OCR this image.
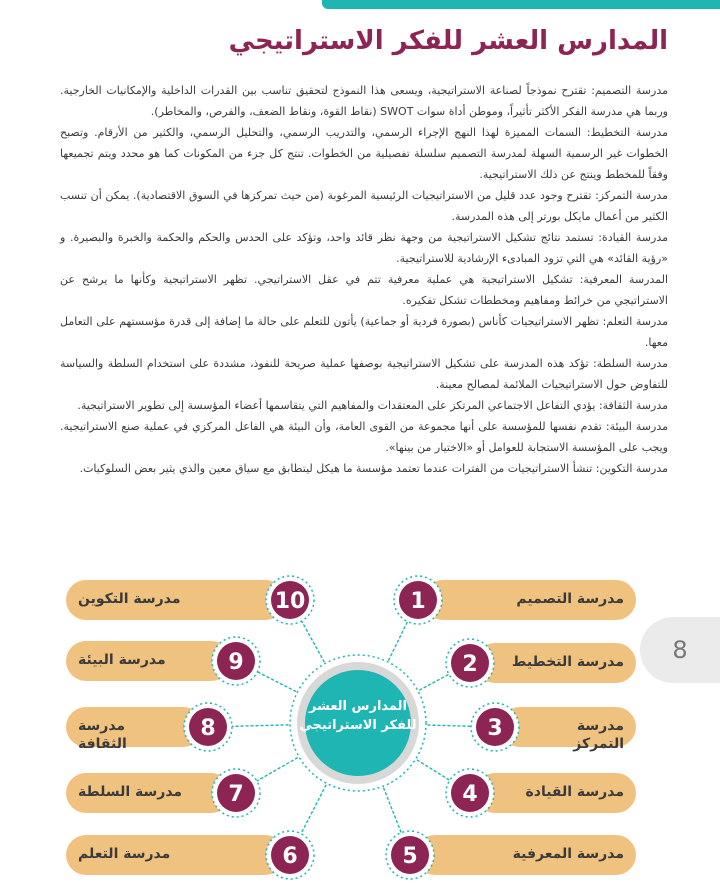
المدارس العشر للفكر الاستراتيجي

مدرسة التصميم: تقترح نموذجاً لصناعة الاستراتيجية، ويسعى هذا النموذج لتحقيق تناسب بين القدرات الداخلية والإمكانيات الخارجية. وربما هي مدرسة الفكر الأكثر تأثيراً، وموطن أداة سوات SWOT (نقاط القوة، ونقاط الضعف، والفرص، والمخاطر).

مدرسة التخطيط: السمات المميزة لهذا النهج الإجراء الرسمي، والتدريب الرسمي، والتحليل الرسمي، والكثير من الأرقام. وتصبح الخطوات غير الرسمية السهلة لمدرسة التصميم سلسلة تفصيلية من الخطوات. تنتج كل جزء من المكونات كما هو محدد ويتم تجميعها وفقاً للمخطط وينتج عن ذلك الاستراتيجية.

مدرسة التمركز: تقترح وجود عدد قليل من الاستراتيجيات الرئيسية المرغوبة (من حيث تمركزها في السوق الاقتصادية). يمكن أن تنسب الكثير من أعمال مايكل بورتر إلى هذه المدرسة.

مدرسة القيادة: تستمد نتائج تشكيل الاستراتيجية من وجهة نظر قائد واحد، وتؤكد على الحدس والحكم والحكمة والخبرة والبصيرة. و «رؤية القائد» هي التي تزود المبادىء الإرشادية للاستراتيجية.

المدرسة المعرفية: تشكيل الاستراتيجية هي عملية معرفية تتم في عقل الاستراتيجي. تظهر الاستراتيجية وكأنها ما يرشح عن الاستراتيجي من خرائط ومفاهيم ومخططات تشكل تفكيره.

مدرسة التعلم: تظهر الاستراتيجيات كأناس (بصورة فردية أو جماعية) يأتون للتعلم على حالة ما إضافة إلى قدرة مؤسستهم على التعامل معها.

مدرسة السلطة: تؤكد هذه المدرسة على تشكيل الاستراتيجية بوصفها عملية صريحة للنفوذ، مشددة على استخدام السلطة والسياسة للتفاوض حول الاستراتيجيات الملائمة لمصالح معينة.

مدرسة الثقافة: يؤدي التفاعل الاجتماعي المرتكز على المعتقدات والمفاهيم التي يتقاسمها أعضاء المؤسسة إلى تطوير الاستراتيجية.

مدرسة البيئة: تقدم نفسها للمؤسسة على أنها مجموعة من القوى العامة، وأن البيئة هي الفاعل المركزي في عملية صنع الاستراتيجية. ويجب على المؤسسة الاستجابة للعوامل أو «الاختيار من بينها».

مدرسة التكوين: تنشأ الاستراتيجيات من الفترات عندما تعتمد مؤسسة ما هيكل ليتطابق مع سياق معين والذي يثير بعض السلوكيات.

8
1
2
3
4
5
10
9
8
7
6
مدرسة التصميم
مدرسة التخطيط
مدرسة التمركز
مدرسة القيادة
مدرسة المعرفية
مدرسة التكوين
مدرسة البيئة
مدرسة الثقافة
مدرسة السلطة
مدرسة التعلم
المدارس العشر للفكر الاستراتيجي
